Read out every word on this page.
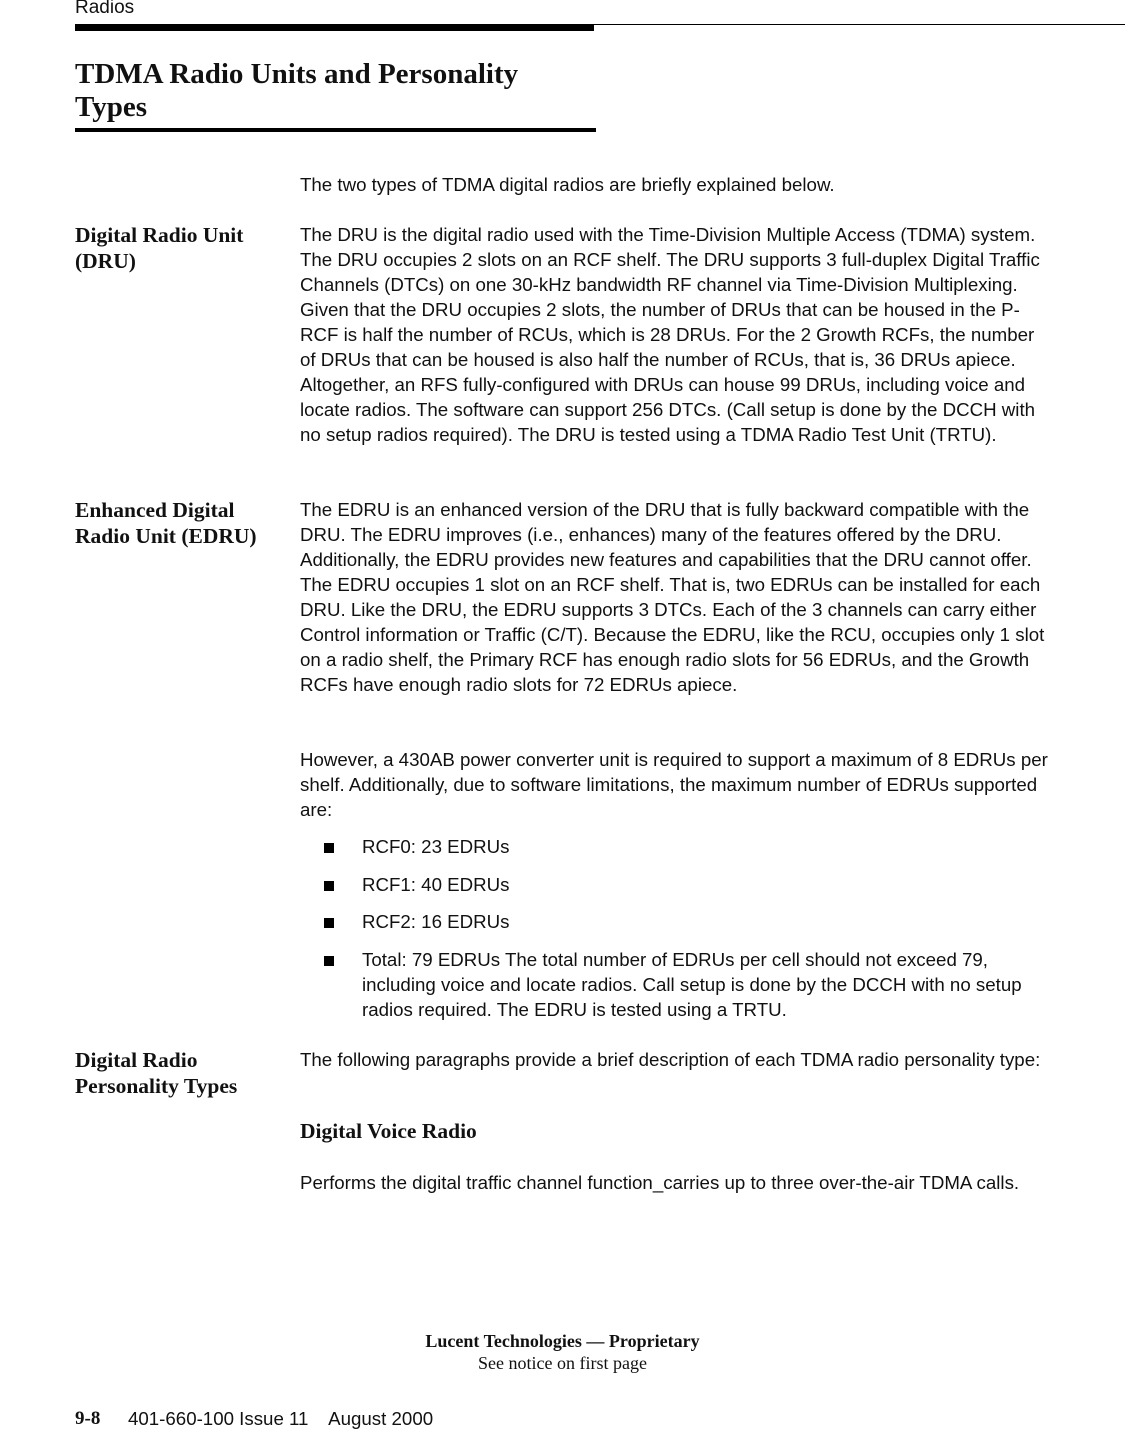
Radios
TDMA Radio Units and Personality Types

The two types of TDMA digital radios are briefly explained below.

Digital Radio Unit (DRU)

The DRU is the digital radio used with the Time-Division Multiple Access (TDMA) system. The DRU occupies 2 slots on an RCF shelf. The DRU supports 3 full-duplex Digital Traffic Channels (DTCs) on one 30-kHz bandwidth RF channel via Time-Division Multiplexing. Given that the DRU occupies 2 slots, the number of DRUs that can be housed in the P-RCF is half the number of RCUs, which is 28 DRUs. For the 2 Growth RCFs, the number of DRUs that can be housed is also half the number of RCUs, that is, 36 DRUs apiece. Altogether, an RFS fully-configured with DRUs can house 99 DRUs, including voice and locate radios. The software can support 256 DTCs. (Call setup is done by the DCCH with no setup radios required). The DRU is tested using a TDMA Radio Test Unit (TRTU).

Enhanced Digital Radio Unit (EDRU)

The EDRU is an enhanced version of the DRU that is fully backward compatible with the DRU. The EDRU improves (i.e., enhances) many of the features offered by the DRU. Additionally, the EDRU provides new features and capabilities that the DRU cannot offer. The EDRU occupies 1 slot on an RCF shelf. That is, two EDRUs can be installed for each DRU. Like the DRU, the EDRU supports 3 DTCs. Each of the 3 channels can carry either Control information or Traffic (C/T). Because the EDRU, like the RCU, occupies only 1 slot on a radio shelf, the Primary RCF has enough radio slots for 56 EDRUs, and the Growth RCFs have enough radio slots for 72 EDRUs apiece.

However, a 430AB power converter unit is required to support a maximum of 8 EDRUs per shelf. Additionally, due to software limitations, the maximum number of EDRUs supported are:

RCF0: 23 EDRUs
RCF1: 40 EDRUs
RCF2: 16 EDRUs
Total: 79 EDRUs The total number of EDRUs per cell should not exceed 79, including voice and locate radios. Call setup is done by the DCCH with no setup radios required. The EDRU is tested using a TRTU.
Digital Radio Personality Types

The following paragraphs provide a brief description of each TDMA radio personality type:

Digital Voice Radio

Performs the digital traffic channel function_carries up to three over-the-air TDMA calls.

Lucent Technologies — Proprietary
See notice on first page
9-8 401-660-100 Issue 11    August 2000
